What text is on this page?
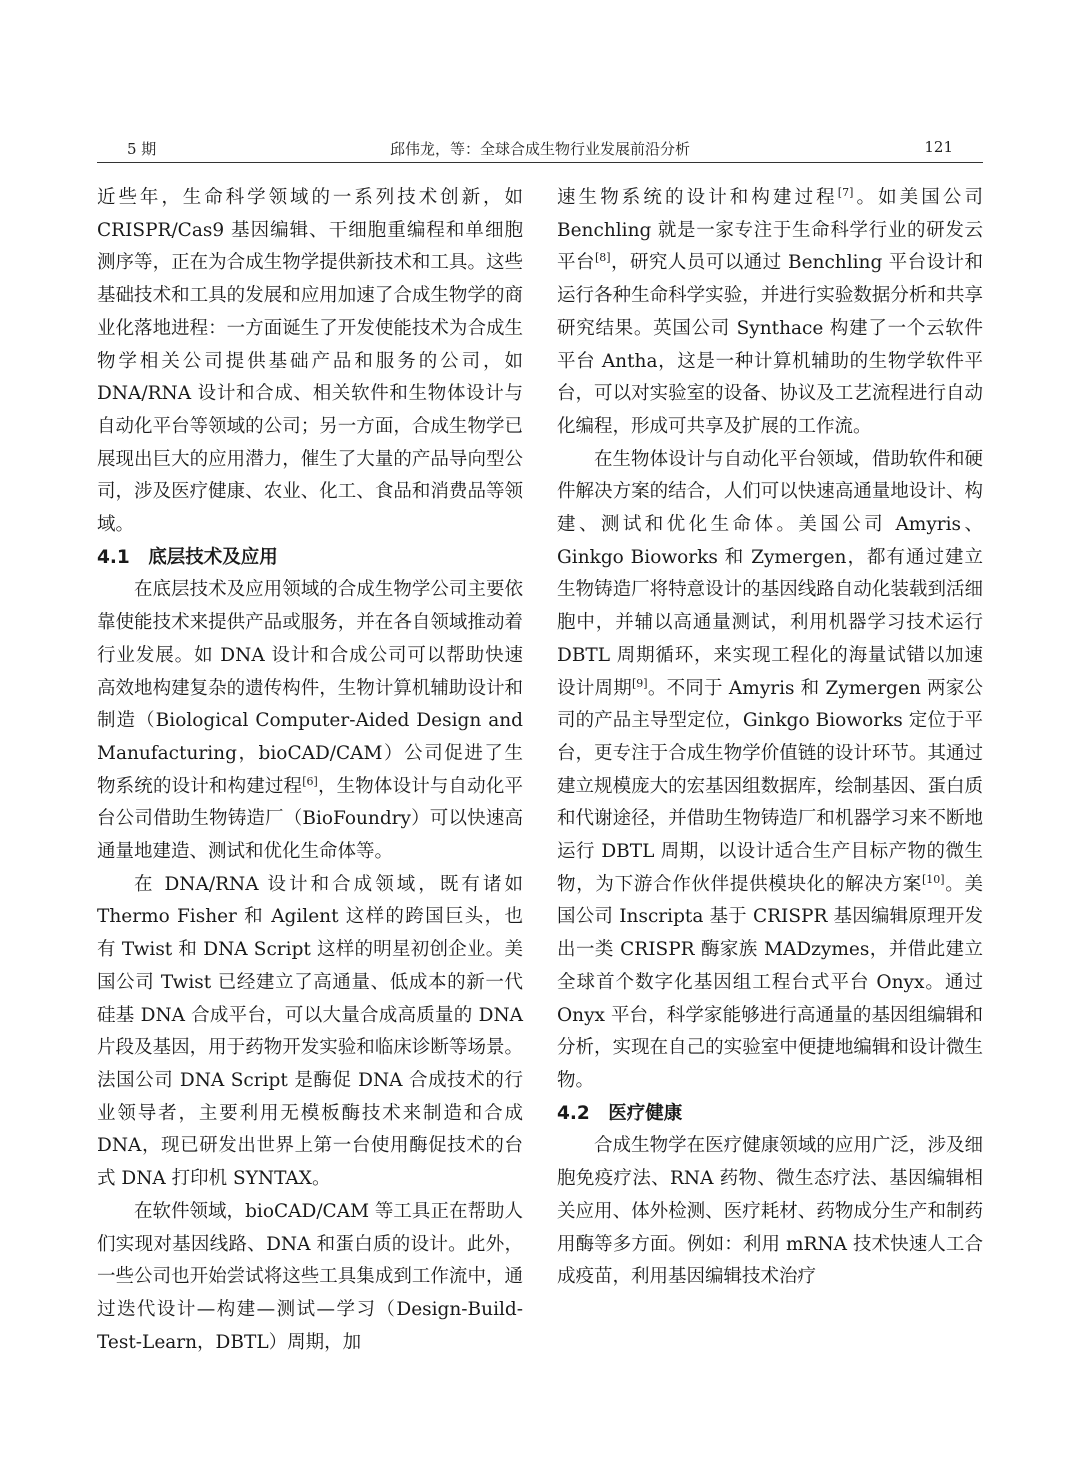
5 期	邱伟龙，等：全球合成生物行业发展前沿分析	121

近些年，生命科学领域的一系列技术创新，如 CRISPR/Cas9 基因编辑、干细胞重编程和单细胞测序等，正在为合成生物学提供新技术和工具。这些基础技术和工具的发展和应用加速了合成生物学的商业化落地进程：一方面诞生了开发使能技术为合成生物学相关公司提供基础产品和服务的公司，如 DNA/RNA 设计和合成、相关软件和生物体设计与自动化平台等领域的公司；另一方面，合成生物学已展现出巨大的应用潜力，催生了大量的产品导向型公司，涉及医疗健康、农业、化工、食品和消费品等领域。

4.1 底层技术及应用

在底层技术及应用领域的合成生物学公司主要依靠使能技术来提供产品或服务，并在各自领域推动着行业发展。如 DNA 设计和合成公司可以帮助快速高效地构建复杂的遗传构件，生物计算机辅助设计和制造（Biological Computer-Aided Design and Manufacturing，bioCAD/CAM）公司促进了生物系统的设计和构建过程[6]，生物体设计与自动化平台公司借助生物铸造厂（BioFoundry）可以快速高通量地建造、测试和优化生命体等。

在 DNA/RNA 设计和合成领域，既有诸如 Thermo Fisher 和 Agilent 这样的跨国巨头，也有 Twist 和 DNA Script 这样的明星初创企业。美国公司 Twist 已经建立了高通量、低成本的新一代硅基 DNA 合成平台，可以大量合成高质量的 DNA 片段及基因，用于药物开发实验和临床诊断等场景。法国公司 DNA Script 是酶促 DNA 合成技术的行业领导者，主要利用无模板酶技术来制造和合成 DNA，现已研发出世界上第一台使用酶促技术的台式 DNA 打印机 SYNTAX。

在软件领域，bioCAD/CAM 等工具正在帮助人们实现对基因线路、DNA 和蛋白质的设计。此外，一些公司也开始尝试将这些工具集成到工作流中，通过迭代设计—构建—测试—学习（Design-Build-Test-Learn，DBTL）周期，加

速生物系统的设计和构建过程[7]。如美国公司 Benchling 就是一家专注于生命科学行业的研发云平台[8]，研究人员可以通过 Benchling 平台设计和运行各种生命科学实验，并进行实验数据分析和共享研究结果。英国公司 Synthace 构建了一个云软件平台 Antha，这是一种计算机辅助的生物学软件平台，可以对实验室的设备、协议及工艺流程进行自动化编程，形成可共享及扩展的工作流。

在生物体设计与自动化平台领域，借助软件和硬件解决方案的结合，人们可以快速高通量地设计、构建、测试和优化生命体。美国公司 Amyris、Ginkgo Bioworks 和 Zymergen，都有通过建立生物铸造厂将特意设计的基因线路自动化装载到活细胞中，并辅以高通量测试，利用机器学习技术运行 DBTL 周期循环，来实现工程化的海量试错以加速设计周期[9]。不同于 Amyris 和 Zymergen 两家公司的产品主导型定位，Ginkgo Bioworks 定位于平台，更专注于合成生物学价值链的设计环节。其通过建立规模庞大的宏基因组数据库，绘制基因、蛋白质和代谢途径，并借助生物铸造厂和机器学习来不断地运行 DBTL 周期，以设计适合生产目标产物的微生物，为下游合作伙伴提供模块化的解决方案[10]。美国公司 Inscripta 基于 CRISPR 基因编辑原理开发出一类 CRISPR 酶家族 MADzymes，并借此建立全球首个数字化基因组工程台式平台 Onyx。通过 Onyx 平台，科学家能够进行高通量的基因组编辑和分析，实现在自己的实验室中便捷地编辑和设计微生物。

4.2 医疗健康

合成生物学在医疗健康领域的应用广泛，涉及细胞免疫疗法、RNA 药物、微生态疗法、基因编辑相关应用、体外检测、医疗耗材、药物成分生产和制药用酶等多方面。例如：利用 mRNA 技术快速人工合成疫苗，利用基因编辑技术治疗
